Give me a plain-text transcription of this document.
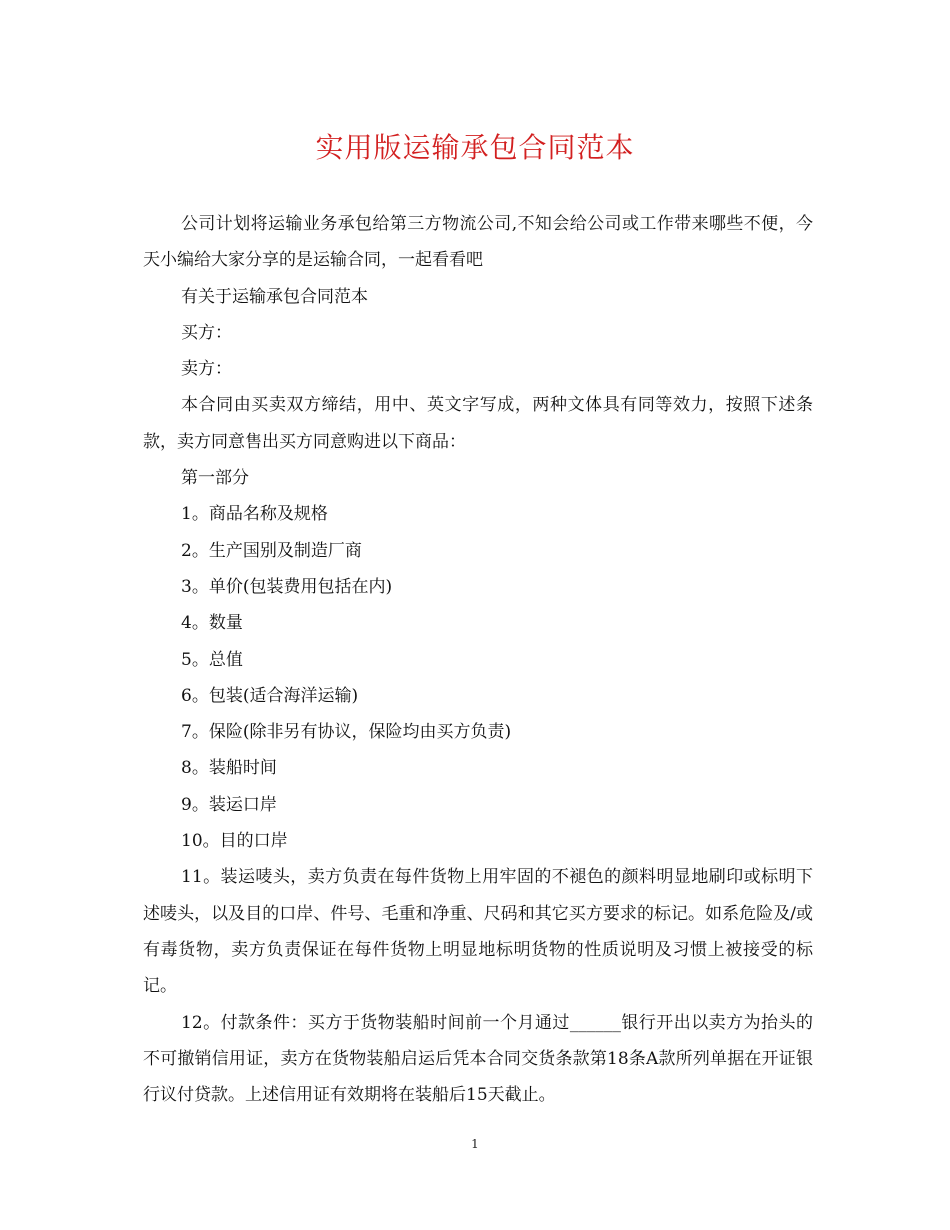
实用版运输承包合同范本

公司计划将运输业务承包给第三方物流公司,不知会给公司或工作带来哪些不便，今天小编给大家分享的是运输合同，一起看看吧

有关于运输承包合同范本

买方：

卖方：

本合同由买卖双方缔结，用中、英文字写成，两种文体具有同等效力，按照下述条款，卖方同意售出买方同意购进以下商品：

第一部分

1。商品名称及规格

2。生产国别及制造厂商

3。单价(包装费用包括在内)

4。数量

5。总值

6。包装(适合海洋运输)

7。保险(除非另有协议，保险均由买方负责)

8。装船时间

9。装运口岸

10。目的口岸

11。装运唛头，卖方负责在每件货物上用牢固的不褪色的颜料明显地刷印或标明下述唛头，以及目的口岸、件号、毛重和净重、尺码和其它买方要求的标记。如系危险及/或有毒货物，卖方负责保证在每件货物上明显地标明货物的性质说明及习惯上被接受的标记。

12。付款条件：买方于货物装船时间前一个月通过______银行开出以卖方为抬头的不可撤销信用证，卖方在货物装船启运后凭本合同交货条款第18条A款所列单据在开证银行议付贷款。上述信用证有效期将在装船后15天截止。

1
